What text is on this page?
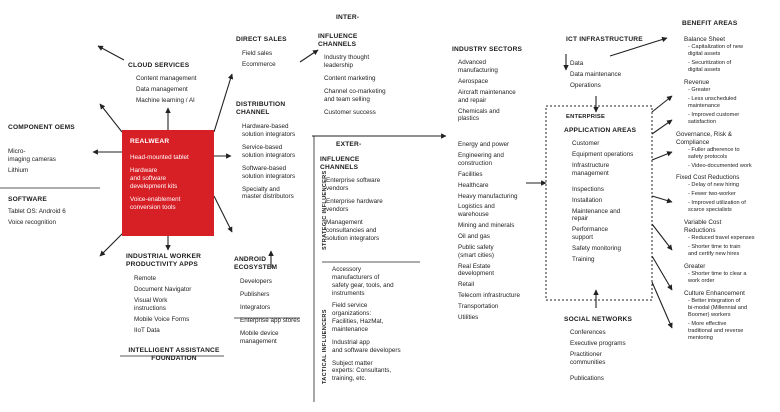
COMPONENT OEMS
Micro-
imaging cameras
Lithium
SOFTWARE
Tablet OS: Android 6
Voice recognition
CLOUD SERVICES
Content management
Data management
Machine learning / AI
REALWEAR
Head-mounted tablet
Hardware
and software
development kits
Voice-enablement
conversion tools
INDUSTRIAL WORKER
PRODUCTIVITY APPS
Remote
Document Navigator
Visual Work
instructions
Mobile Voice Forms
IIoT Data
INTELLIGENT ASSISTANCE
FOUNDATION
DIRECT SALES
Field sales
Ecommerce
DISTRIBUTION
CHANNEL
Hardware-based
solution integrators
Service-based
solution integrators
Software-based
solution integrators
Specialty and
master distributors
ANDROID
ECOSYSTEM
Developers
Publishers
Integrators
Enterprise app stores
Mobile device
management
INTER-
INFLUENCE
CHANNELS
Industry thought
leadership
Content marketing
Channel co-marketing
and team selling
Customer success
EXTER-
INFLUENCE
CHANNELS
Enterprise software
vendors
Enterprise hardware
vendors
Management
consultancies and
solution integrators
STRATEGIC INFLUENCERS
TACTICAL INFLUENCERS
Accessory
manufacturers of
safety gear, tools, and
instruments
Field service
organizations:
Facilities, HazMat,
maintenance
Industrial app
and software developers
Subject matter
experts: Consultants,
training, etc.
INDUSTRY SECTORS
Advanced
manufacturing
Aerospace
Aircraft maintenance
and repair
Chemicals and
plastics
Energy and power
Engineering and
construction
Facilities
Healthcare
Heavy manufacturing
Logistics and
warehouse
Mining and minerals
Oil and gas
Public safety
(smart cities)
Real Estate
development
Retail
Telecom infrastructure
Transportation
Utilities
ICT INFRASTRUCTURE
Data
Data maintenance
Operations
ENTERPRISE
APPLICATION AREAS
Customer
Equipment operations
Infrastructure
management
Inspections
Installation
Maintenance and
repair
Performance
support
Safety monitoring
Training
SOCIAL NETWORKS
Conferences
Executive programs
Practitioner
communities
Publications
BENEFIT AREAS
Balance Sheet
- Capitalization of new
digital assets
- Securitization of
digital assets
Revenue
- Greater
- Less unscheduled
maintenance
- Improved customer
satisfaction
Governance, Risk &
Compliance
- Fuller adherence to
safety protocols
- Video-documented work
Fixed Cost Reductions
- Delay of new hiring
- Fewer two-worker
- Improved utilization of
scarce specialists
Variable Cost
Reductions
- Reduced travel expenses
- Shorter time to train
and certify new hires
Greater
- Shorter time to clear a
work order
Culture Enhancement
- Better integration of
bi-modal (Millennial and
Boomer) workers
- More effective
traditional and reverse
mentoring
